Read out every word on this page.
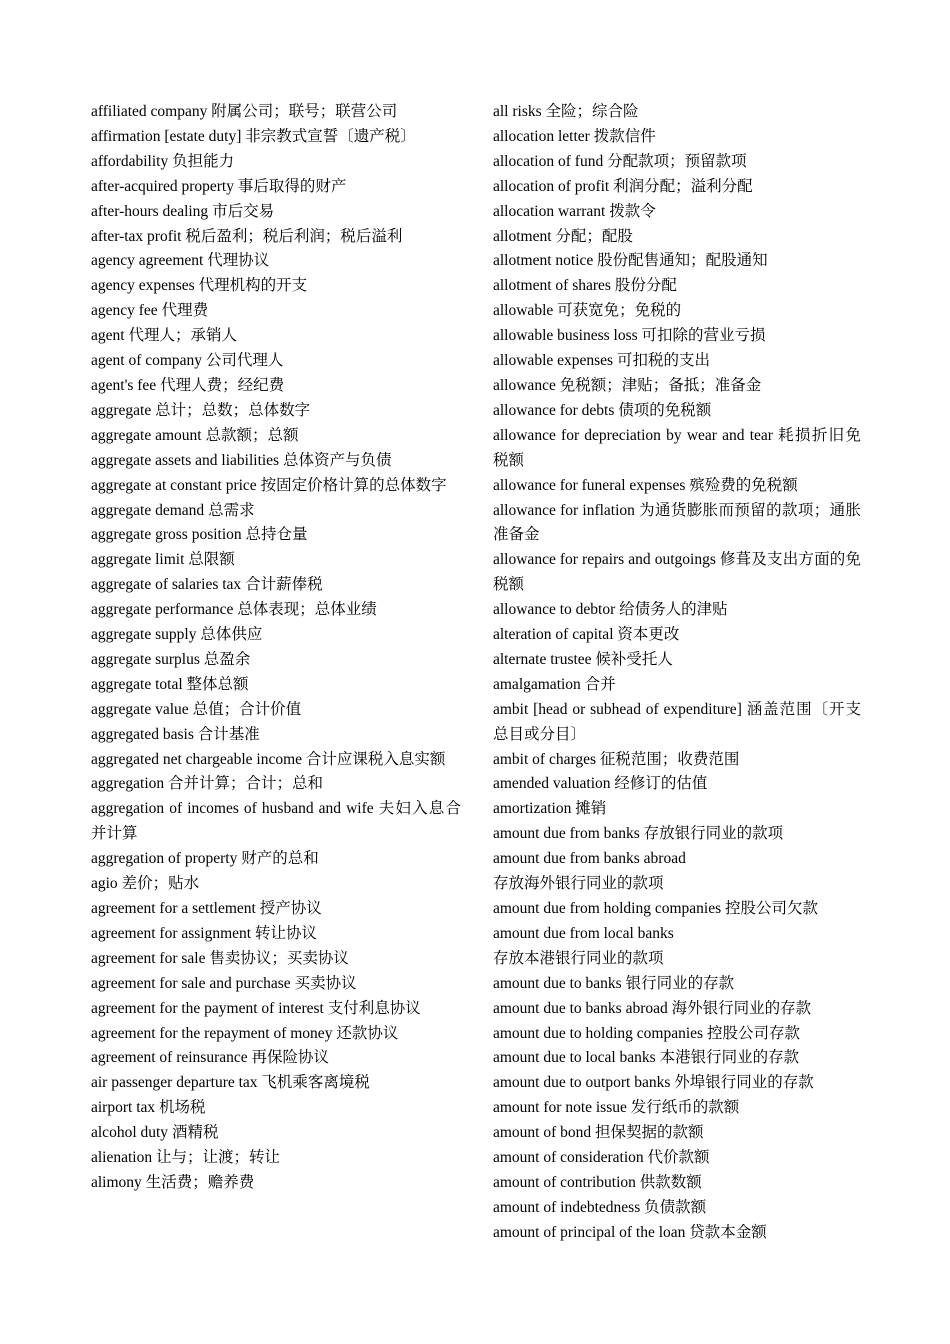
affiliated company 附属公司；联号；联营公司
affirmation [estate duty] 非宗教式宣誓〔遗产税〕
affordability 负担能力
after-acquired property 事后取得的财产
after-hours dealing 市后交易
after-tax profit 税后盈利；税后利润；税后溢利
agency agreement 代理协议
agency expenses 代理机构的开支
agency fee 代理费
agent 代理人；承销人
agent of company 公司代理人
agent's fee 代理人费；经纪费
aggregate 总计；总数；总体数字
aggregate amount 总款额；总额
aggregate assets and liabilities 总体资产与负债
aggregate at constant price 按固定价格计算的总体数字
aggregate demand 总需求
aggregate gross position 总持仓量
aggregate limit 总限额
aggregate of salaries tax 合计薪俸税
aggregate performance 总体表现；总体业绩
aggregate supply 总体供应
aggregate surplus 总盈余
aggregate total 整体总额
aggregate value 总值；合计价值
aggregated basis 合计基准
aggregated net chargeable income 合计应课税入息实额
aggregation 合并计算；合计；总和
aggregation of incomes of husband and wife 夫妇入息合并计算
aggregation of property 财产的总和
agio 差价；贴水
agreement for a settlement 授产协议
agreement for assignment 转让协议
agreement for sale 售卖协议；买卖协议
agreement for sale and purchase 买卖协议
agreement for the payment of interest 支付利息协议
agreement for the repayment of money 还款协议
agreement of reinsurance 再保险协议
air passenger departure tax 飞机乘客离境税
airport tax 机场税
alcohol duty 酒精税
alienation 让与；让渡；转让
alimony 生活费；赡养费
all risks 全险；综合险
allocation letter 拨款信件
allocation of fund 分配款项；预留款项
allocation of profit 利润分配；溢利分配
allocation warrant 拨款令
allotment 分配；配股
allotment notice 股份配售通知；配股通知
allotment of shares 股份分配
allowable 可获宽免；免税的
allowable business loss 可扣除的营业亏损
allowable expenses 可扣税的支出
allowance 免税额；津贴；备抵；准备金
allowance for debts 债项的免税额
allowance for depreciation by wear and tear 耗损折旧免税额
allowance for funeral expenses 殡殓费的免税额
allowance for inflation 为通货膨胀而预留的款项；通胀准备金
allowance for repairs and outgoings 修葺及支出方面的免税额
allowance to debtor 给债务人的津贴
alteration of capital 资本更改
alternate trustee 候补受托人
amalgamation 合并
ambit [head or subhead of expenditure] 涵盖范围〔开支总目或分目〕
ambit of charges 征税范围；收费范围
amended valuation 经修订的估值
amortization 摊销
amount due from banks 存放银行同业的款项
amount due from banks abroad
存放海外银行同业的款项
amount due from holding companies 控股公司欠款
amount due from local banks
存放本港银行同业的款项
amount due to banks 银行同业的存款
amount due to banks abroad 海外银行同业的存款
amount due to holding companies 控股公司存款
amount due to local banks 本港银行同业的存款
amount due to outport banks 外埠银行同业的存款
amount for note issue 发行纸币的款额
amount of bond 担保契据的款额
amount of consideration 代价款额
amount of contribution 供款数额
amount of indebtedness 负债款额
amount of principal of the loan 贷款本金额
